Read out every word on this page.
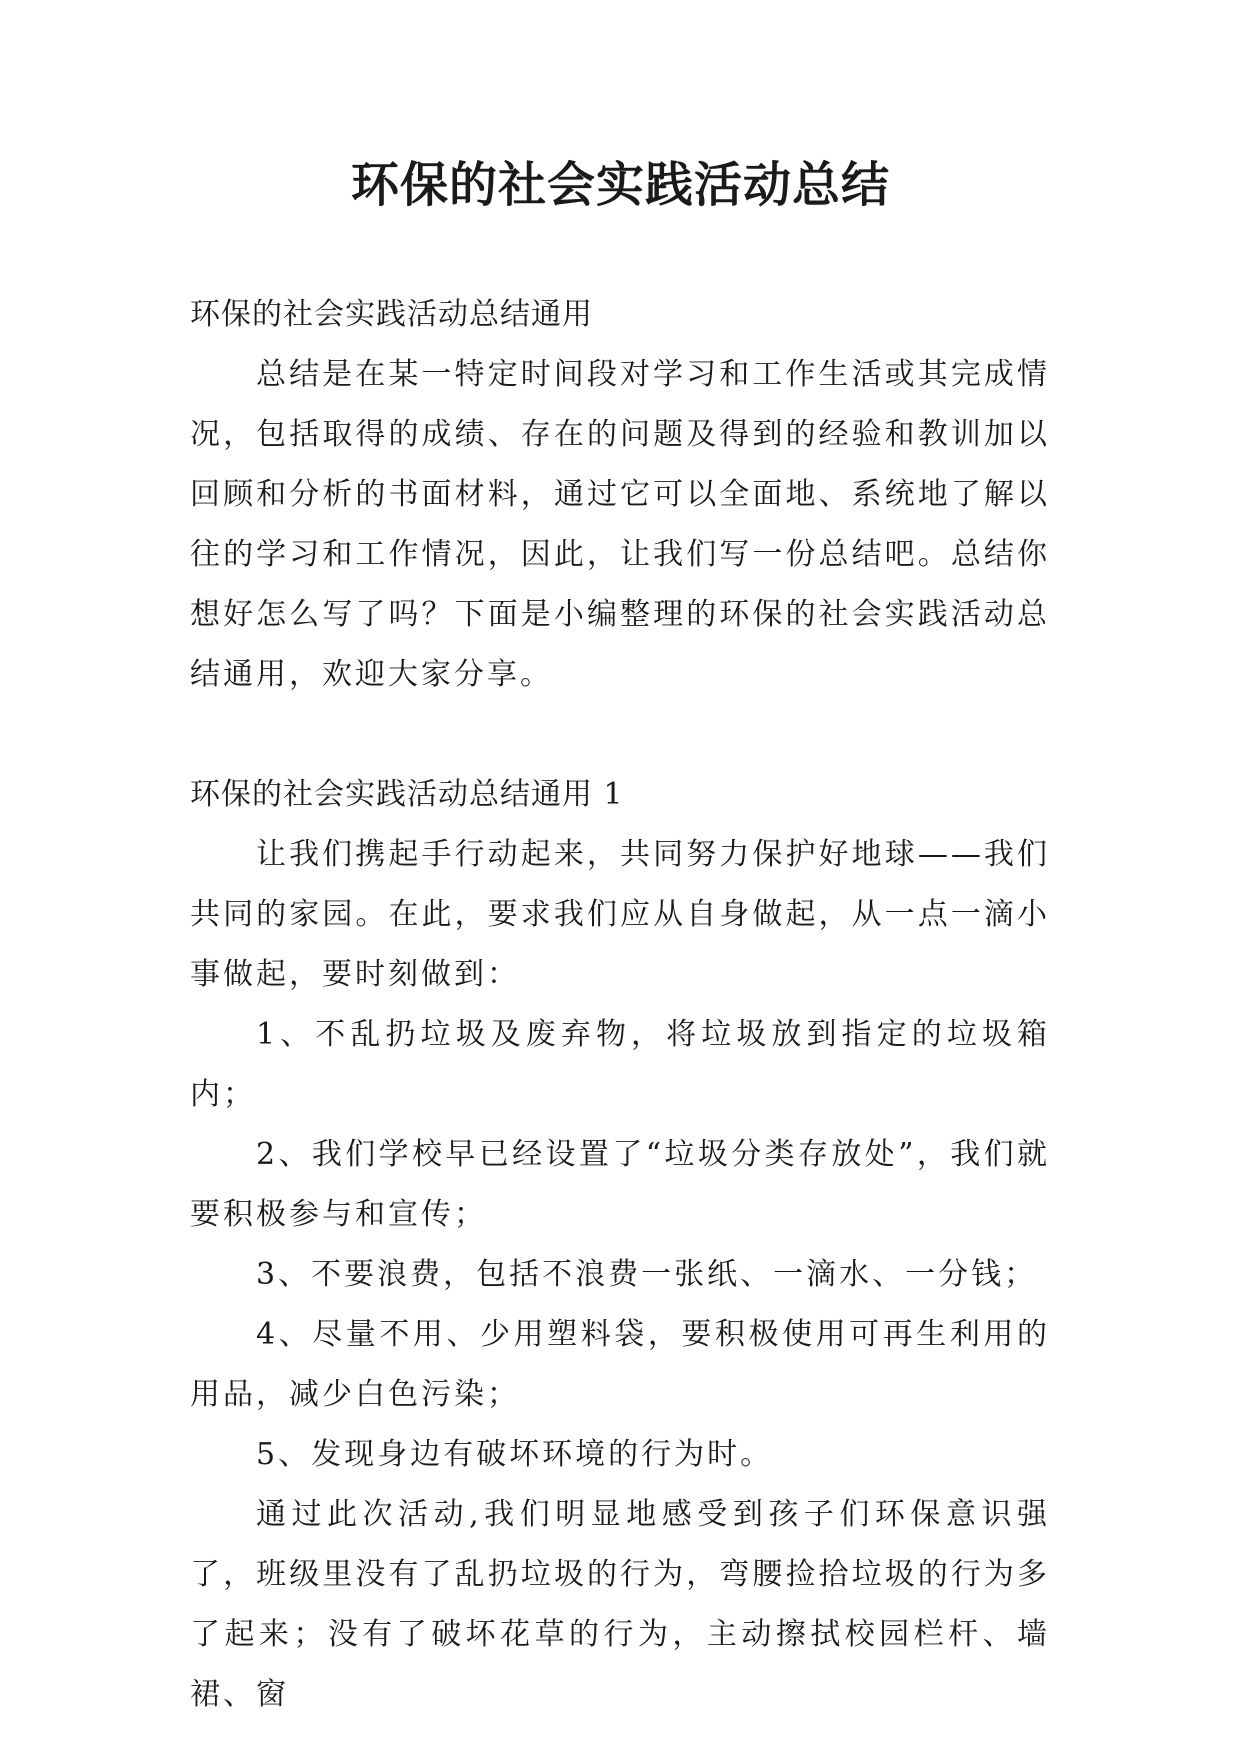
环保的社会实践活动总结

环保的社会实践活动总结通用

总结是在某一特定时间段对学习和工作生活或其完成情况，包括取得的成绩、存在的问题及得到的经验和教训加以回顾和分析的书面材料，通过它可以全面地、系统地了解以往的学习和工作情况，因此，让我们写一份总结吧。总结你想好怎么写了吗？下面是小编整理的环保的社会实践活动总结通用，欢迎大家分享。

环保的社会实践活动总结通用 1

让我们携起手行动起来，共同努力保护好地球——我们共同的家园。在此，要求我们应从自身做起，从一点一滴小事做起，要时刻做到：

1、不乱扔垃圾及废弃物，将垃圾放到指定的垃圾箱内；

2、我们学校早已经设置了“垃圾分类存放处”，我们就要积极参与和宣传；

3、不要浪费，包括不浪费一张纸、一滴水、一分钱；

4、尽量不用、少用塑料袋，要积极使用可再生利用的用品，减少白色污染；

5、发现身边有破坏环境的行为时。

通过此次活动,我们明显地感受到孩子们环保意识强了，班级里没有了乱扔垃圾的行为，弯腰捡拾垃圾的行为多了起来；没有了破坏花草的行为，主动擦拭校园栏杆、墙裙、窗
